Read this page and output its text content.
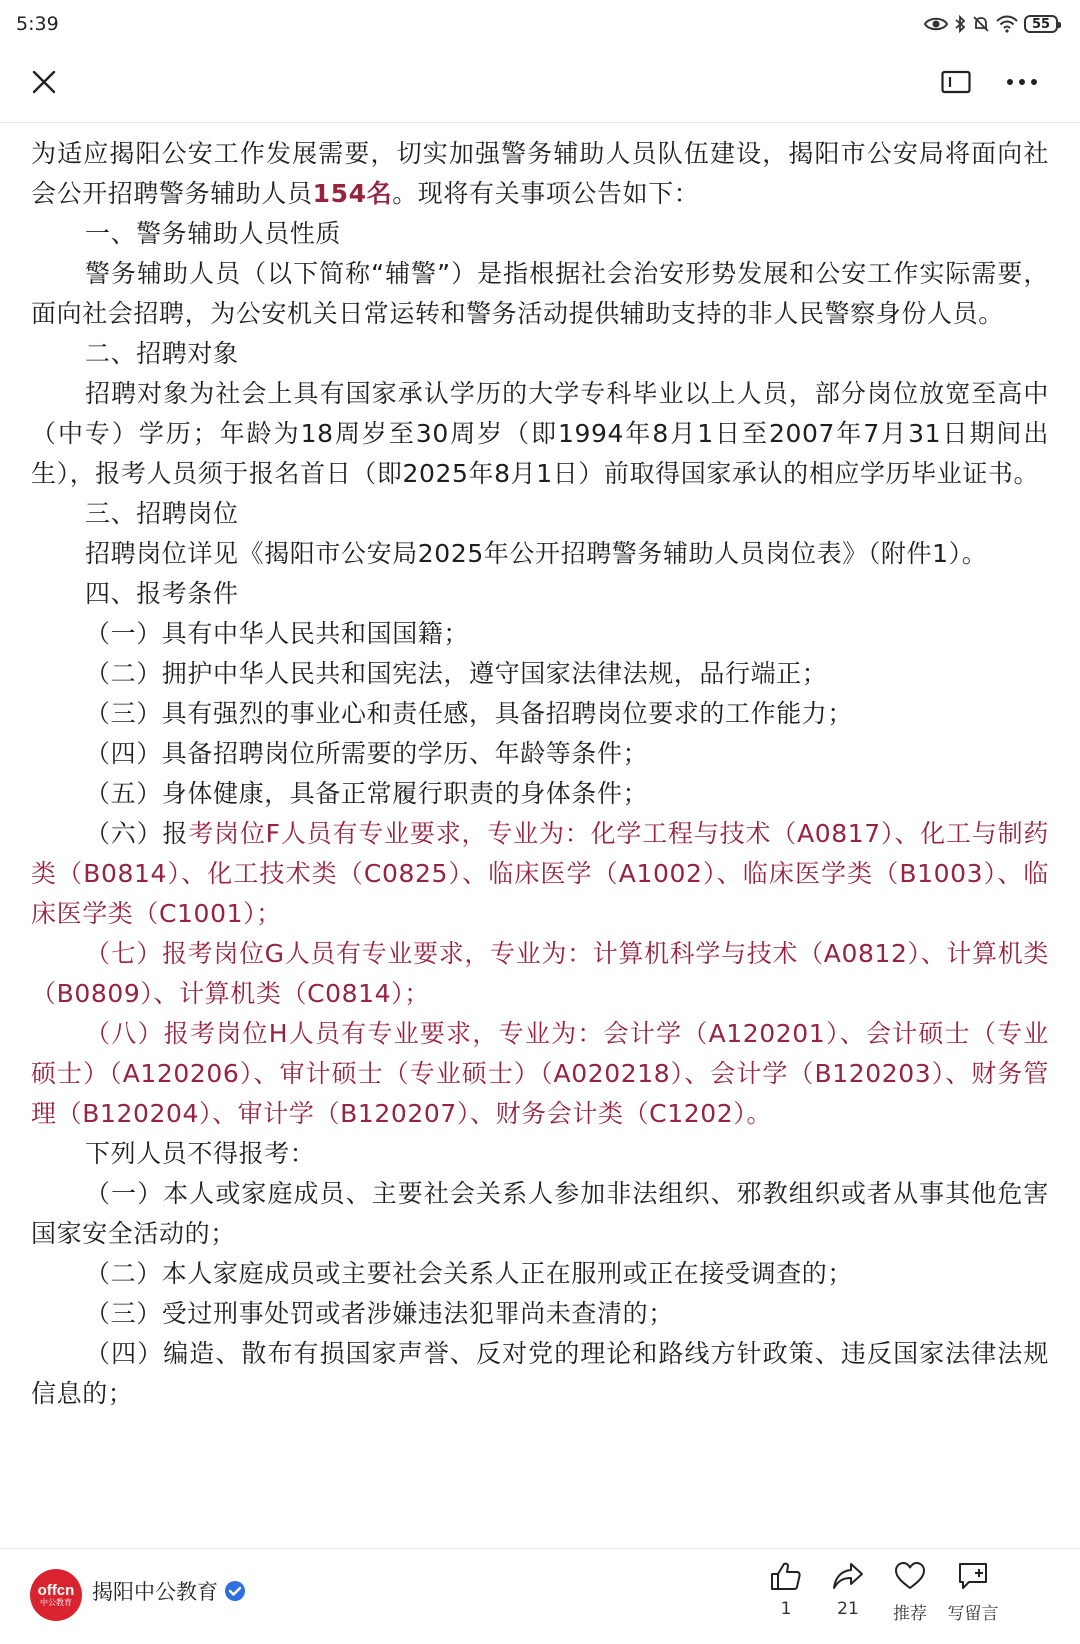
5:39	55

为适应揭阳公安工作发展需要，切实加强警务辅助人员队伍建设，揭阳市公安局将面向社会公开招聘警务辅助人员154名。现将有关事项公告如下：

一、警务辅助人员性质

警务辅助人员（以下简称“辅警”）是指根据社会治安形势发展和公安工作实际需要，面向社会招聘，为公安机关日常运转和警务活动提供辅助支持的非人民警察身份人员。

二、招聘对象

招聘对象为社会上具有国家承认学历的大学专科毕业以上人员，部分岗位放宽至高中（中专）学历；年龄为18周岁至30周岁（即1994年8月1日至2007年7月31日期间出生），报考人员须于报名首日（即2025年8月1日）前取得国家承认的相应学历毕业证书。

三、招聘岗位

招聘岗位详见《揭阳市公安局2025年公开招聘警务辅助人员岗位表》（附件1）。

四、报考条件

（一）具有中华人民共和国国籍；

（二）拥护中华人民共和国宪法，遵守国家法律法规，品行端正；

（三）具有强烈的事业心和责任感，具备招聘岗位要求的工作能力；

（四）具备招聘岗位所需要的学历、年龄等条件；

（五）身体健康，具备正常履行职责的身体条件；

（六）报考岗位F人员有专业要求，专业为：化学工程与技术（A0817）、化工与制药类（B0814）、化工技术类（C0825）、临床医学（A1002）、临床医学类（B1003）、临床医学类（C1001）；

（七）报考岗位G人员有专业要求，专业为：计算机科学与技术（A0812）、计算机类（B0809）、计算机类（C0814）；

（八）报考岗位H人员有专业要求，专业为：会计学（A120201）、会计硕士（专业硕士）（A120206）、审计硕士（专业硕士）（A020218）、会计学（B120203）、财务管理（B120204）、审计学（B120207）、财务会计类（C1202）。

下列人员不得报考：

（一）本人或家庭成员、主要社会关系人参加非法组织、邪教组织或者从事其他危害国家安全活动的；

（二）本人家庭成员或主要社会关系人正在服刑或正在接受调查的；

（三）受过刑事处罚或者涉嫌违法犯罪尚未查清的；

（四）编造、散布有损国家声誉、反对党的理论和路线方针政策、违反国家法律法规信息的；

offcn
中公教育 揭阳中公教育
1	21 推荐 写留言
